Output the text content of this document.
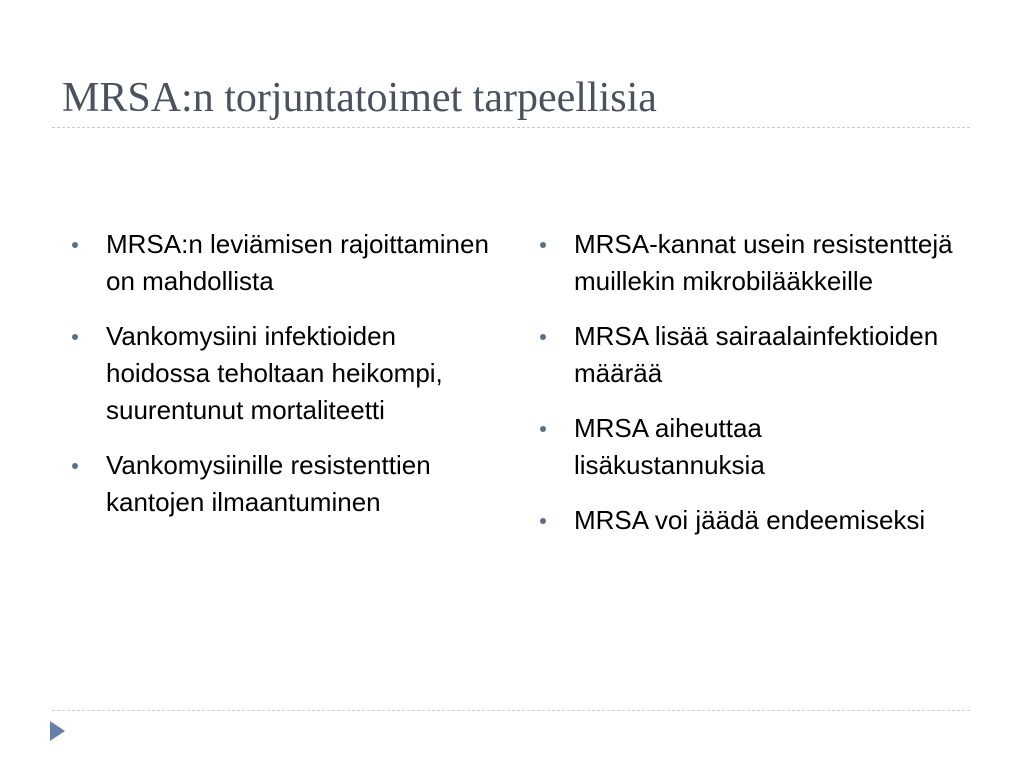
MRSA:n torjuntatoimet tarpeellisia
MRSA:n leviämisen rajoittaminen on mahdollista
Vankomysiini infektioiden hoidossa teholtaan heikompi, suurentunut mortaliteetti
Vankomysiinille resistenttien kantojen ilmaantuminen
MRSA-kannat usein resistenttejä muillekin mikrobilääkkeille
MRSA lisää sairaalainfektioiden määrää
MRSA aiheuttaa lisäkustannuksia
MRSA voi jäädä endeemiseksi
